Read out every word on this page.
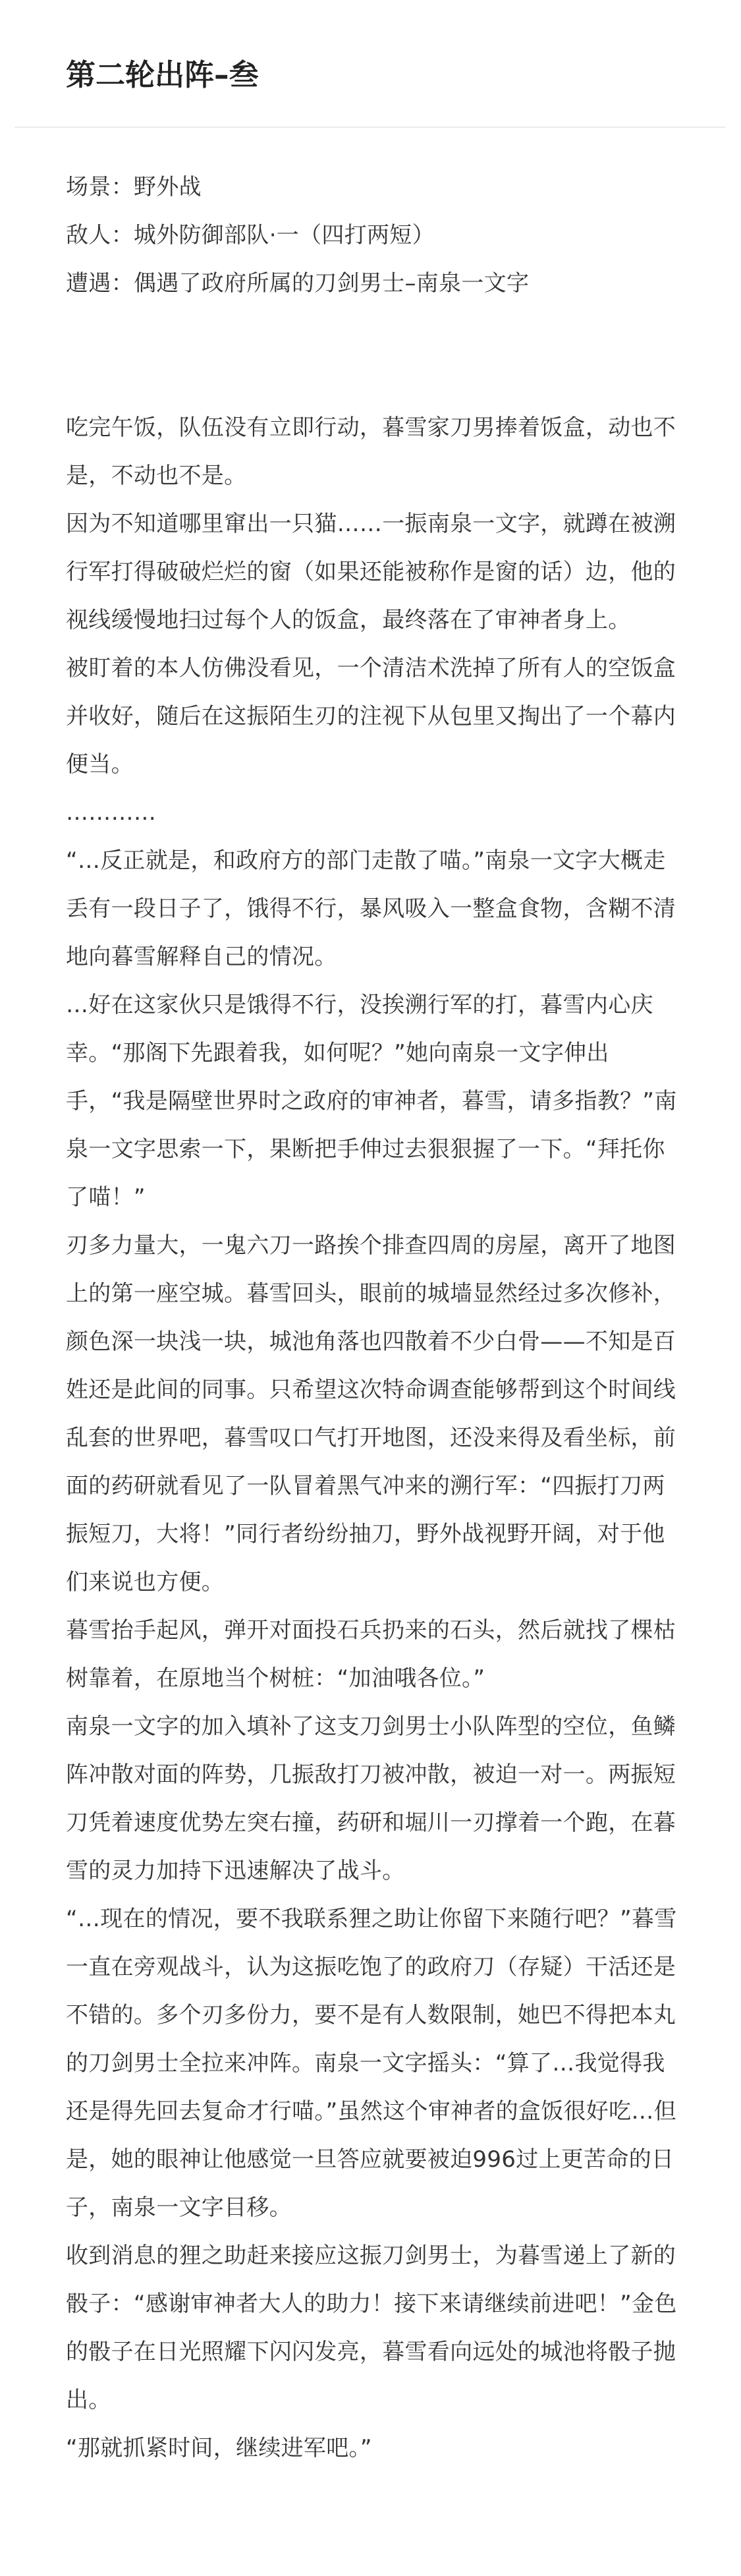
第二轮出阵–叁

场景：野外战

敌人：城外防御部队·一（四打两短）

遭遇：偶遇了政府所属的刀剑男士–南泉一文字

吃完午饭，队伍没有立即行动，暮雪家刀男捧着饭盒，动也不是，不动也不是。

因为不知道哪里窜出一只猫……一振南泉一文字，就蹲在被溯行军打得破破烂烂的窗（如果还能被称作是窗的话）边，他的视线缓慢地扫过每个人的饭盒，最终落在了审神者身上。

被盯着的本人仿佛没看见，一个清洁术洗掉了所有人的空饭盒并收好，随后在这振陌生刃的注视下从包里又掏出了一个幕内便当。

…………

“…反正就是，和政府方的部门走散了喵。”南泉一文字大概走丢有一段日子了，饿得不行，暴风吸入一整盒食物，含糊不清地向暮雪解释自己的情况。

…好在这家伙只是饿得不行，没挨溯行军的打，暮雪内心庆幸。“那阁下先跟着我，如何呢？”她向南泉一文字伸出手，“我是隔壁世界时之政府的审神者，暮雪，请多指教？”南泉一文字思索一下，果断把手伸过去狠狠握了一下。“拜托你了喵！”

刃多力量大，一鬼六刀一路挨个排查四周的房屋，离开了地图上的第一座空城。暮雪回头，眼前的城墙显然经过多次修补，颜色深一块浅一块，城池角落也四散着不少白骨——不知是百姓还是此间的同事。只希望这次特命调查能够帮到这个时间线乱套的世界吧，暮雪叹口气打开地图，还没来得及看坐标，前面的药研就看见了一队冒着黑气冲来的溯行军：“四振打刀两振短刀，大将！”同行者纷纷抽刀，野外战视野开阔，对于他们来说也方便。

暮雪抬手起风，弹开对面投石兵扔来的石头，然后就找了棵枯树靠着，在原地当个树桩：“加油哦各位。”

南泉一文字的加入填补了这支刀剑男士小队阵型的空位，鱼鳞阵冲散对面的阵势，几振敌打刀被冲散，被迫一对一。两振短刀凭着速度优势左突右撞，药研和堀川一刃撑着一个跑，在暮雪的灵力加持下迅速解决了战斗。

“…现在的情况，要不我联系狸之助让你留下来随行吧？”暮雪一直在旁观战斗，认为这振吃饱了的政府刀（存疑）干活还是不错的。多个刃多份力，要不是有人数限制，她巴不得把本丸的刀剑男士全拉来冲阵。南泉一文字摇头：“算了…我觉得我还是得先回去复命才行喵。”虽然这个审神者的盒饭很好吃…但是，她的眼神让他感觉一旦答应就要被迫996过上更苦命的日子，南泉一文字目移。

收到消息的狸之助赶来接应这振刀剑男士，为暮雪递上了新的骰子：“感谢审神者大人的助力！接下来请继续前进吧！”金色的骰子在日光照耀下闪闪发亮，暮雪看向远处的城池将骰子抛出。

“那就抓紧时间，继续进军吧。”
